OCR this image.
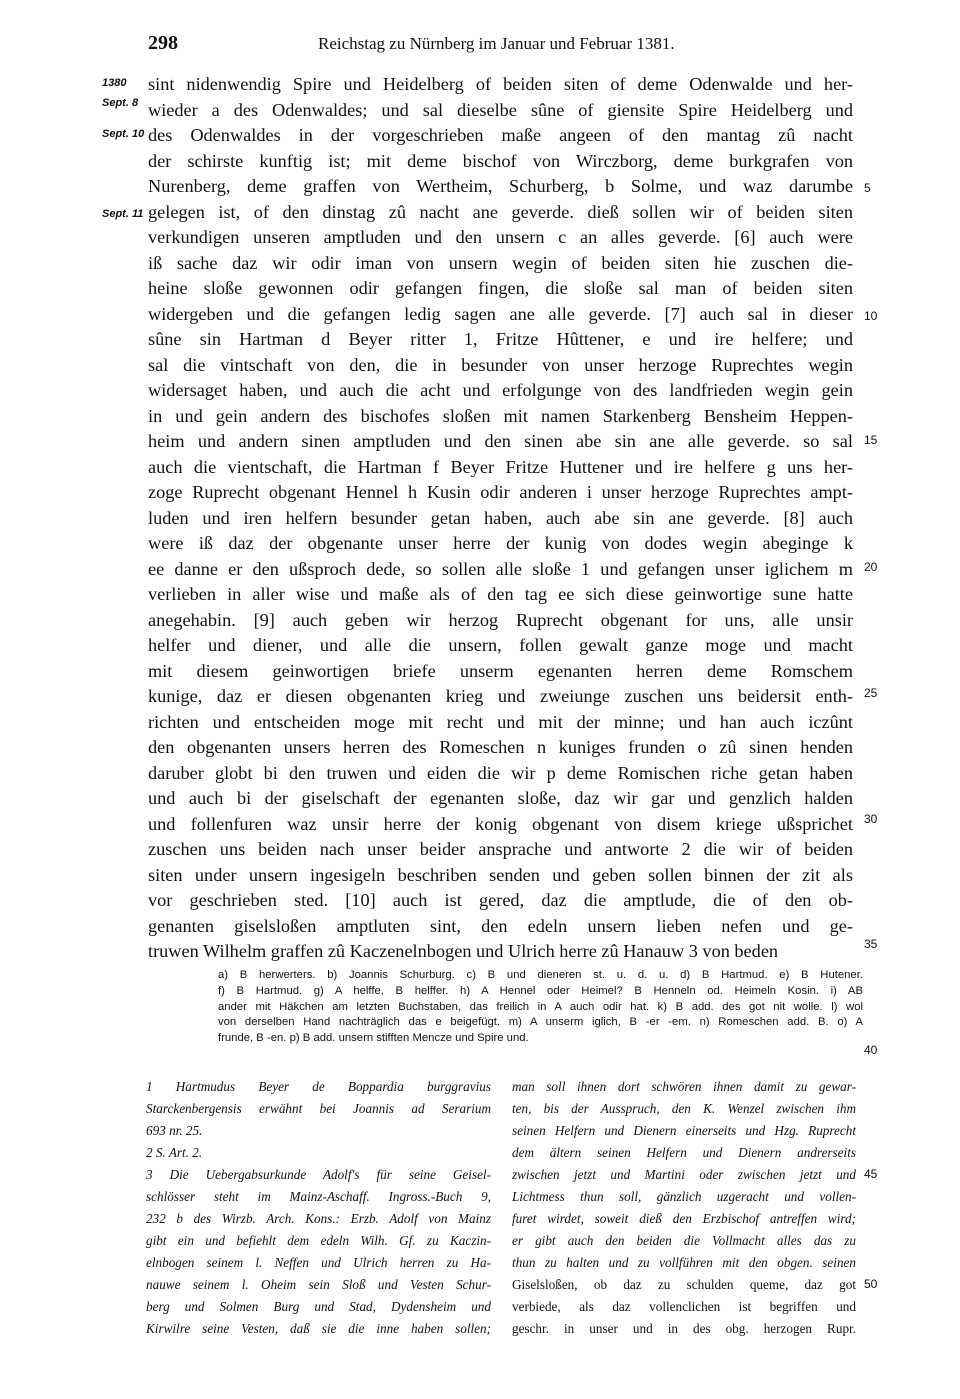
298	Reichstag zu Nürnberg im Januar und Februar 1381.
1380
Sept. 8
Sept. 10
Sept. 11
5
10
15
20
25
30
35
40
45
50
sint nidenwendig Spire und Heidelberg of beiden siten of deme Odenwalde und her-
wieder a des Odenwaldes; und sal dieselbe sûne of giensite Spire Heidelberg und
des Odenwaldes in der vorgeschrieben maße angeen of den mantag zû nacht
der schirste kunftig ist; mit deme bischof von Wirczborg, deme burkgrafen von
Nurenberg, deme graffen von Wertheim, Schurberg, b Solme, und waz darumbe
gelegen ist, of den dinstag zû nacht ane geverde. dieß sollen wir of beiden siten
verkundigen unseren amptluden und den unsern c an alles geverde. [6] auch were
iß sache daz wir odir iman von unsern wegin of beiden siten hie zuschen die-
heine sloße gewonnen odir gefangen fingen, die sloße sal man of beiden siten
widergeben und die gefangen ledig sagen ane alle geverde. [7] auch sal in dieser
sûne sin Hartman d Beyer ritter 1, Fritze Hûttener, e und ire helfere; und
sal die vintschaft von den, die in besunder von unser herzoge Ruprechtes wegin
widersaget haben, und auch die acht und erfolgunge von des landfrieden wegin gein
in und gein andern des bischofes sloßen mit namen Starkenberg Bensheim Heppen-
heim und andern sinen amptluden und den sinen abe sin ane alle geverde. so sal
auch die vientschaft, die Hartman f Beyer Fritze Huttener und ire helfere g uns her-
zoge Ruprecht obgenant Hennel h Kusin odir anderen i unser herzoge Ruprechtes ampt-
luden und iren helfern besunder getan haben, auch abe sin ane geverde. [8] auch
were iß daz der obgenante unser herre der kunig von dodes wegin abeginge k
ee danne er den ußsproch dede, so sollen alle sloße 1 und gefangen unser iglichem m
verlieben in aller wise und maße als of den tag ee sich diese geinwortige sune hatte
anegehabin. [9] auch geben wir herzog Ruprecht obgenant for uns, alle unsir
helfer und diener, und alle die unsern, follen gewalt ganze moge und macht
mit diesem geinwortigen briefe unserm egenanten herren deme Romschem
kunige, daz er diesen obgenanten krieg und zweiunge zuschen uns beidersit enth-
richten und entscheiden moge mit recht und mit der minne; und han auch iczûnt
den obgenanten unsers herren des Romeschen n kuniges frunden o zû sinen henden
daruber globt bi den truwen und eiden die wir p deme Romischen riche getan haben
und auch bi der giselschaft der egenanten sloße, daz wir gar und genzlich halden
und follenfuren waz unsir herre der konig obgenant von disem kriege ußsprichet
zuschen uns beiden nach unser beider ansprache und antworte 2 die wir of beiden
siten under unsern ingesigeln beschriben senden und geben sollen binnen der zit als
vor geschrieben sted. [10] auch ist gered, daz die amptlude, die of den ob-
genanten giselsloßen amptluten sint, den edeln unsern lieben nefen und ge-
truwen Wilhelm graffen zû Kaczenelnbogen und Ulrich herre zû Hanauw 3 von beden
a) B herwerters. b) Joannis Schurburg. c) B und dieneren st. u. d. u. d) B Hartmud. e) B Hutener.
f) B Hartmud. g) A helffe, B helffer. h) A Hennel oder Heimel? B Henneln od. Heimeln Kosin. i) AB
ander mit Häkchen am letzten Buchstaben, das freilich in A auch odir hat. k) B add. des got nit wolle. l) wol
von derselben Hand nachträglich das e beigefügt. m) A unserm iglich, B -er -em. n) Romeschen add. B. o) A
frunde, B -en. p) B add. unsern stifften Mencze und Spire und.
1 Hartmudus Beyer de Boppardia burggravius
Starckenbergensis erwähnt bei Joannis ad Serarium
693 nr. 25.
2 S. Art. 2.
3 Die Uebergabsurkunde Adolf's für seine Geisel-
schlösser steht im Mainz-Aschaff. Ingross.-Buch 9,
232 b des Wirzb. Arch. Kons.: Erzb. Adolf von Mainz
gibt ein und befiehlt dem edeln Wilh. Gf. zu Kaczin-
elnbogen seinem l. Neffen und Ulrich herren zu Ha-
nauwe seinem l. Oheim sein Sloß und Vesten Schur-
berg und Solmen Burg und Stad, Dydensheim und
Kirwilre seine Vesten, daß sie die inne haben sollen;
man soll ihnen dort schwören ihnen damit zu gewar-
ten, bis der Ausspruch, den K. Wenzel zwischen ihm
seinen Helfern und Dienern einerseits und Hzg. Ruprecht
dem ältern seinen Helfern und Dienern andrerseits
zwischen jetzt und Martini oder zwischen jetzt und
Lichtmess thun soll, gänzlich uzgeracht und vollen-
furet wirdet, soweit dieß den Erzbischof antreffen wird;
er gibt auch den beiden die Vollmacht alles das zu
thun zu halten und zu vollführen mit den obgen. seinen
Giselsloßen, ob daz zu schulden queme, daz got
verbiede, als daz vollenclichen ist begriffen und
geschr. in unser und in des obg. herzogen Rupr.
